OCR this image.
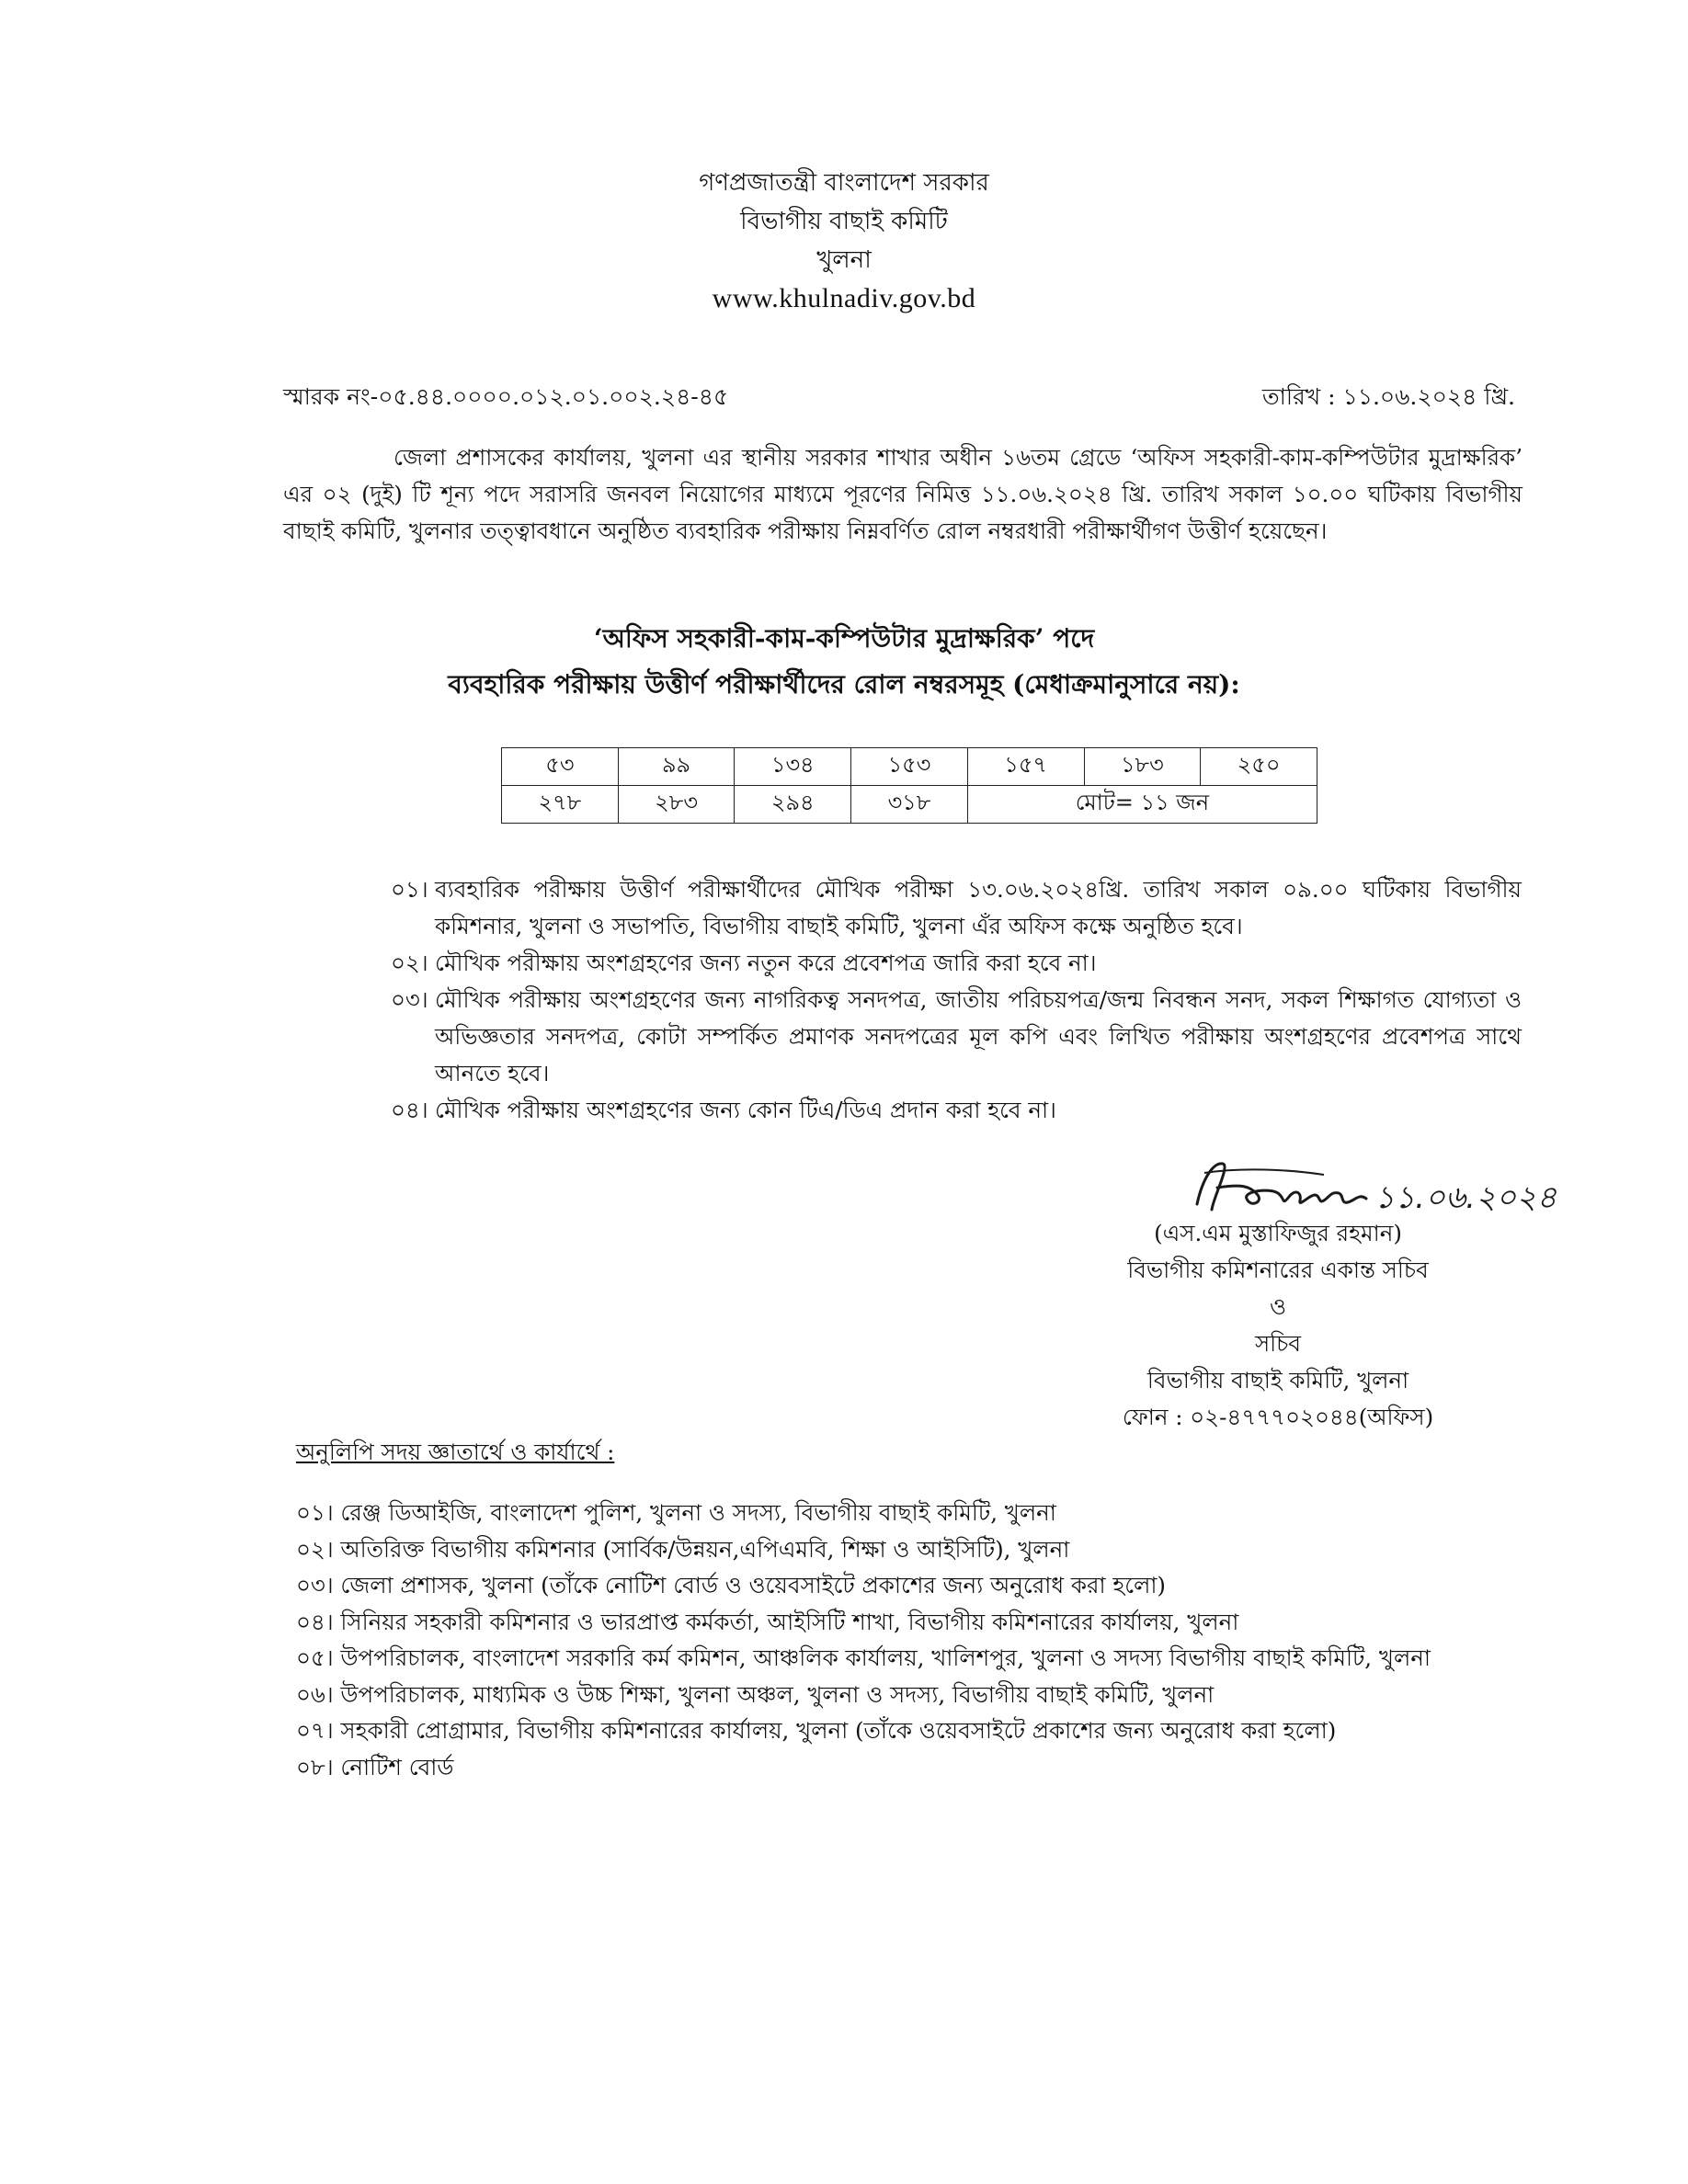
গণপ্রজাতন্ত্রী বাংলাদেশ সরকার
বিভাগীয় বাছাই কমিটি
খুলনা
www.khulnadiv.gov.bd
স্মারক নং-০৫.৪৪.০০০০.০১২.০১.০০২.২৪-৪৫	তারিখ : ১১.০৬.২০২৪ খ্রি.
জেলা প্রশাসকের কার্যালয়, খুলনা এর স্থানীয় সরকার শাখার অধীন ১৬তম গ্রেডে ‘অফিস সহকারী-কাম-কম্পিউটার মুদ্রাক্ষরিক’ এর ০২ (দুই) টি শূন্য পদে সরাসরি জনবল নিয়োগের মাধ্যমে পূরণের নিমিত্ত ১১.০৬.২০২৪ খ্রি. তারিখ সকাল ১০.০০ ঘটিকায় বিভাগীয় বাছাই কমিটি, খুলনার তত্ত্বাবধানে অনুষ্ঠিত ব্যবহারিক পরীক্ষায় নিম্নবর্ণিত রোল নম্বরধারী পরীক্ষার্থীগণ উত্তীর্ণ হয়েছেন।
‘অফিস সহকারী-কাম-কম্পিউটার মুদ্রাক্ষরিক’ পদে
ব্যবহারিক পরীক্ষায় উত্তীর্ণ পরীক্ষার্থীদের রোল নম্বরসমূহ (মেধাক্রমানুসারে নয়):
৫৩	৯৯	১৩৪	১৫৩	১৫৭	১৮৩	২৫০
২৭৮	২৮৩	২৯৪	৩১৮	মোট= ১১ জন		
০১। ব্যবহারিক পরীক্ষায় উত্তীর্ণ পরীক্ষার্থীদের মৌখিক পরীক্ষা ১৩.০৬.২০২৪খ্রি. তারিখ সকাল ০৯.০০ ঘটিকায় বিভাগীয় কমিশনার, খুলনা ও সভাপতি, বিভাগীয় বাছাই কমিটি, খুলনা এঁর অফিস কক্ষে অনুষ্ঠিত হবে।
০২। মৌখিক পরীক্ষায় অংশগ্রহণের জন্য নতুন করে প্রবেশপত্র জারি করা হবে না।
০৩। মৌখিক পরীক্ষায় অংশগ্রহণের জন্য নাগরিকত্ব সনদপত্র, জাতীয় পরিচয়পত্র/জন্ম নিবন্ধন সনদ, সকল শিক্ষাগত যোগ্যতা ও অভিজ্ঞতার সনদপত্র, কোটা সম্পর্কিত প্রমাণক সনদপত্রের মূল কপি এবং লিখিত পরীক্ষায় অংশগ্রহণের প্রবেশপত্র সাথে আনতে হবে।
০৪। মৌখিক পরীক্ষায় অংশগ্রহণের জন্য কোন টিএ/ডিএ প্রদান করা হবে না।
১১.০৬.২০২৪
(এস.এম মুস্তাফিজুর রহমান)
বিভাগীয় কমিশনারের একান্ত সচিব
ও
সচিব
বিভাগীয় বাছাই কমিটি, খুলনা
ফোন : ০২-৪৭৭৭০২০৪৪(অফিস)
অনুলিপি সদয় জ্ঞাতার্থে ও কার্যার্থে :
০১। রেঞ্জ ডিআইজি, বাংলাদেশ পুলিশ, খুলনা ও সদস্য, বিভাগীয় বাছাই কমিটি, খুলনা
০২। অতিরিক্ত বিভাগীয় কমিশনার (সার্বিক/উন্নয়ন,এপিএমবি, শিক্ষা ও আইসিটি), খুলনা
০৩। জেলা প্রশাসক, খুলনা (তাঁকে নোটিশ বোর্ড ও ওয়েবসাইটে প্রকাশের জন্য অনুরোধ করা হলো)
০৪। সিনিয়র সহকারী কমিশনার ও ভারপ্রাপ্ত কর্মকর্তা, আইসিটি শাখা, বিভাগীয় কমিশনারের কার্যালয়, খুলনা
০৫। উপপরিচালক, বাংলাদেশ সরকারি কর্ম কমিশন, আঞ্চলিক কার্যালয়, খালিশপুর, খুলনা ও সদস্য বিভাগীয় বাছাই কমিটি, খুলনা
০৬। উপপরিচালক, মাধ্যমিক ও উচ্চ শিক্ষা, খুলনা অঞ্চল, খুলনা ও সদস্য, বিভাগীয় বাছাই কমিটি, খুলনা
০৭। সহকারী প্রোগ্রামার, বিভাগীয় কমিশনারের কার্যালয়, খুলনা (তাঁকে ওয়েবসাইটে প্রকাশের জন্য অনুরোধ করা হলো)
০৮। নোটিশ বোর্ড
